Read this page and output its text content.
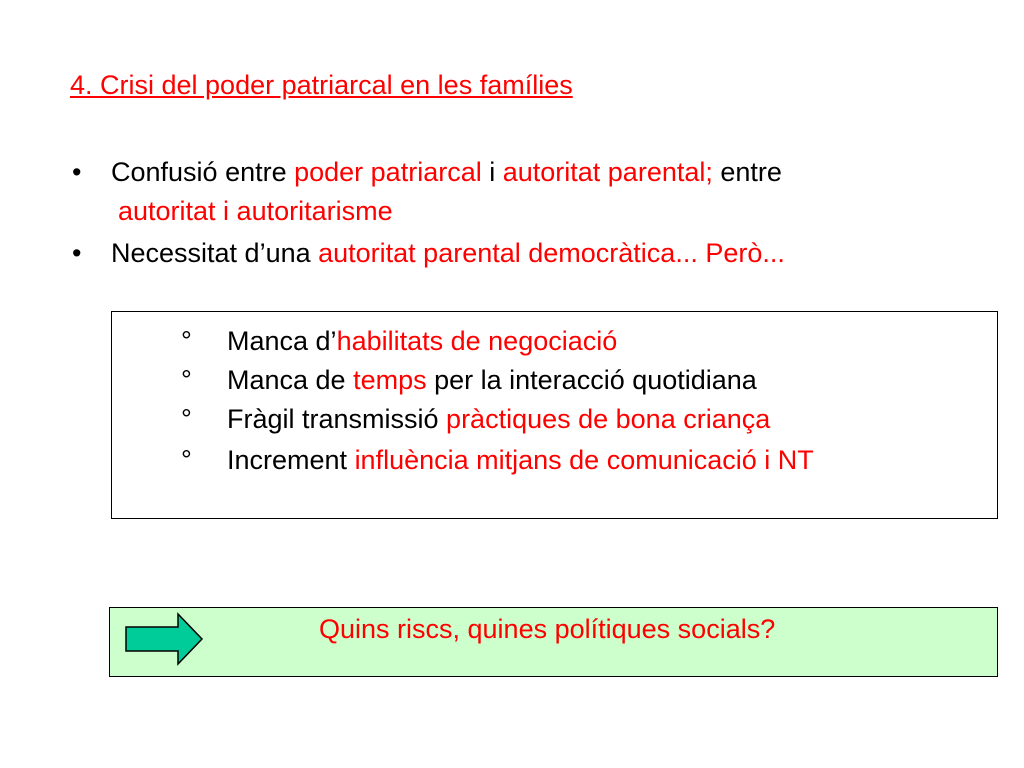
4. Crisi del poder patriarcal en les famílies
• Confusió entre poder patriarcal i autoritat parental; entre
autoritat i autoritarisme
• Necessitat d’una autoritat parental democràtica... Però...
° Manca d’habilitats de negociació
° Manca de temps per la interacció quotidiana
° Fràgil transmissió pràctiques de bona criança
° Increment influència mitjans de comunicació i NT
Quins riscs, quines polítiques socials?
